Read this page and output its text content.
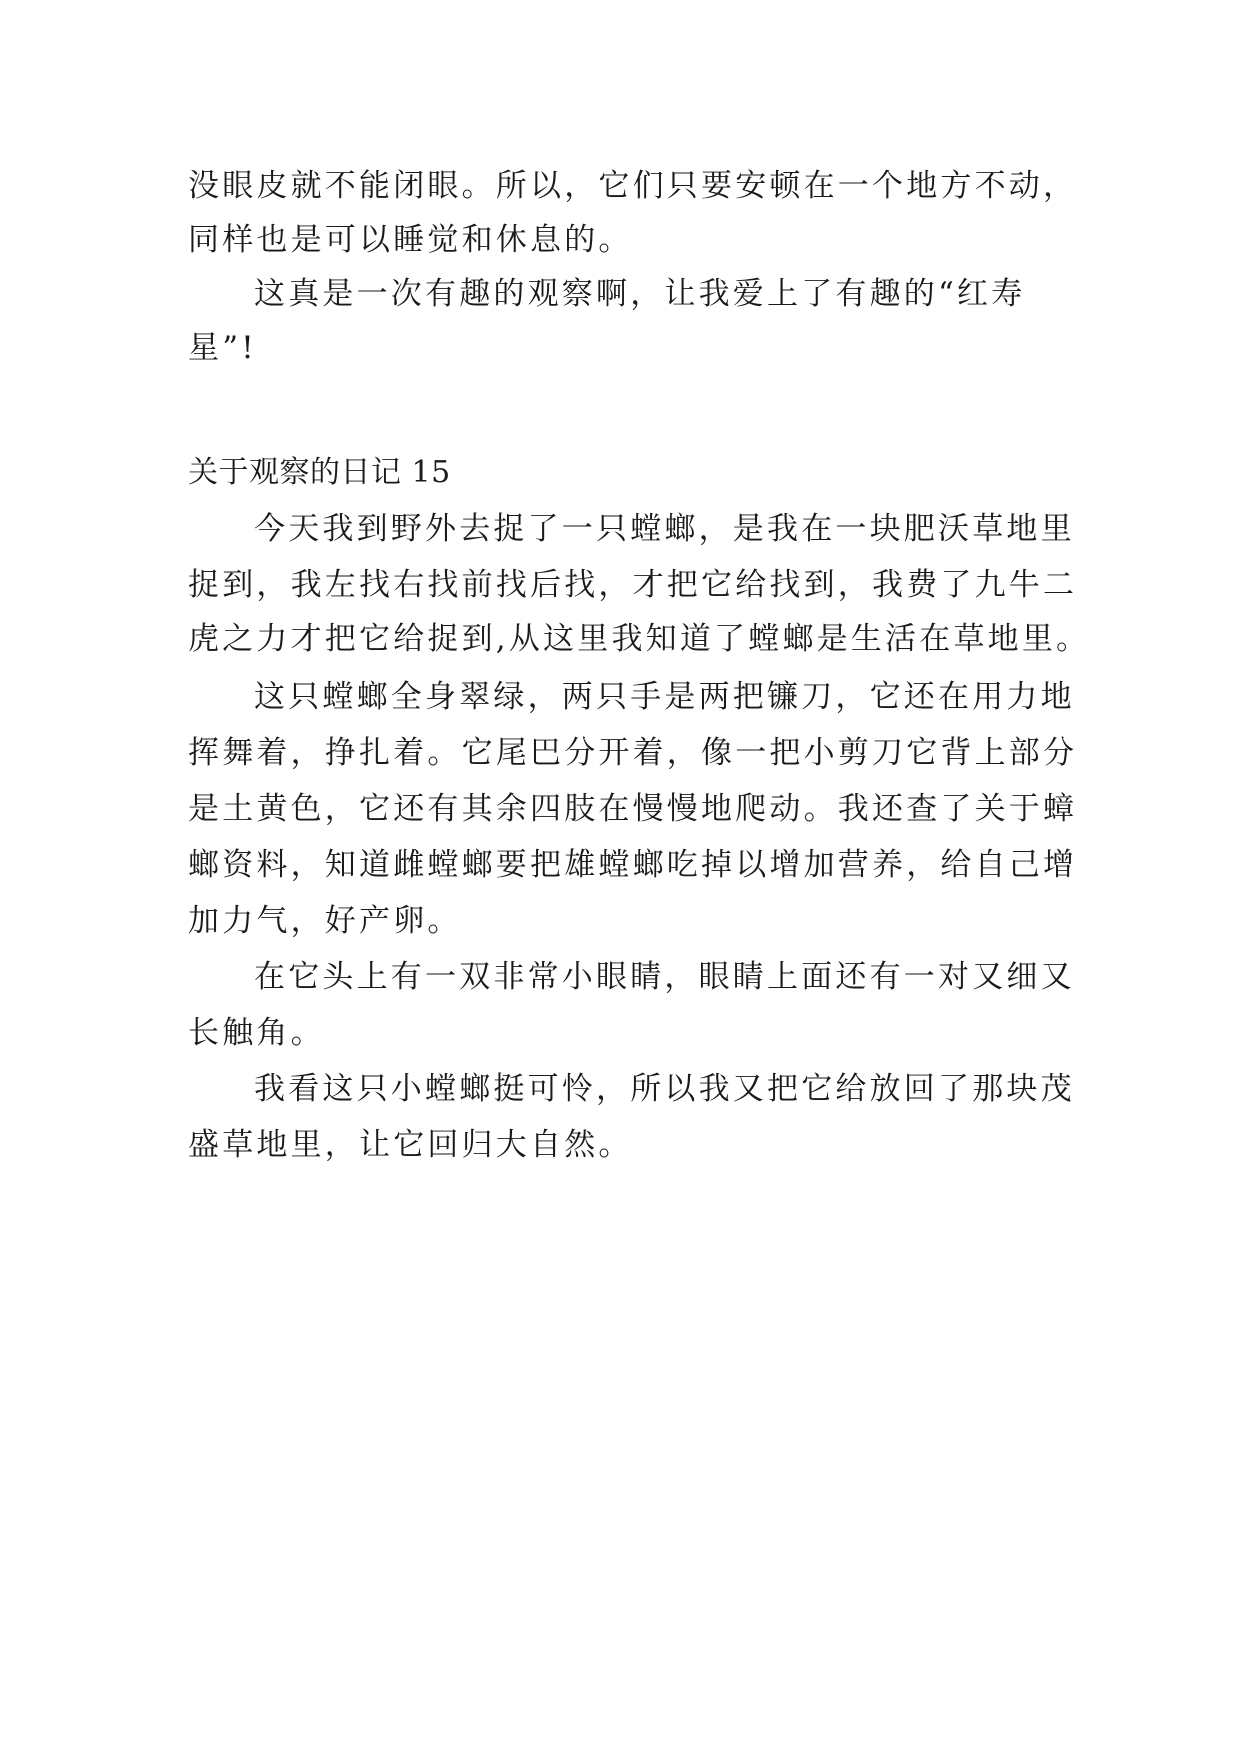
没眼皮就不能闭眼。所以，它们只要安顿在一个地方不动，
同样也是可以睡觉和休息的。
这真是一次有趣的观察啊，让我爱上了有趣的“红寿
星”!
关于观察的日记 15
今天我到野外去捉了一只螳螂，是我在一块肥沃草地里
捉到，我左找右找前找后找，才把它给找到，我费了九牛二
虎之力才把它给捉到,从这里我知道了螳螂是生活在草地里。
这只螳螂全身翠绿，两只手是两把镰刀，它还在用力地
挥舞着，挣扎着。它尾巴分开着，像一把小剪刀它背上部分
是土黄色，它还有其余四肢在慢慢地爬动。我还查了关于蟑
螂资料，知道雌螳螂要把雄螳螂吃掉以增加营养，给自己增
加力气，好产卵。
在它头上有一双非常小眼睛，眼睛上面还有一对又细又
长触角。
我看这只小螳螂挺可怜，所以我又把它给放回了那块茂
盛草地里，让它回归大自然。
